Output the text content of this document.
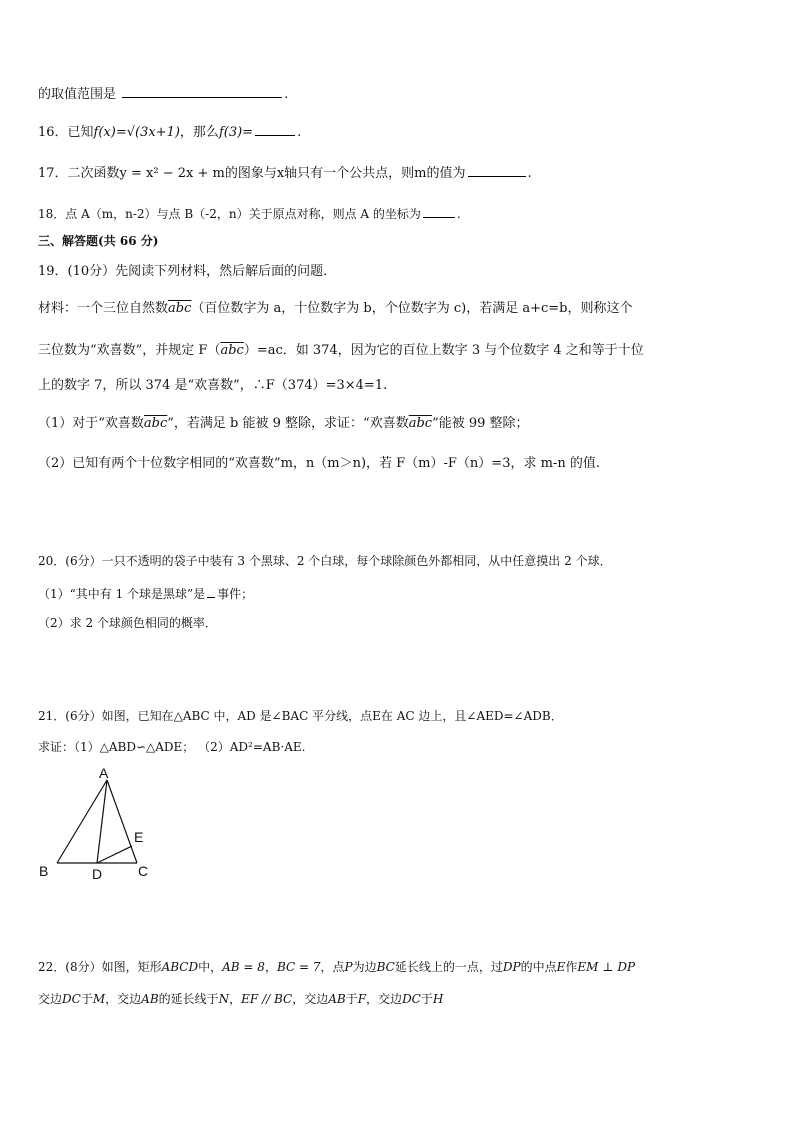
的取值范围是	.
16．已知f(x)=√(3x+1)，那么f(3)=	.
17．二次函数y = x² − 2x + m的图象与x轴只有一个公共点，则m的值为	.
18．点 A（m，n-2）与点 B（-2，n）关于原点对称，则点 A 的坐标为	.
三、解答题(共 66 分)
19．(10分）先阅读下列材料，然后解后面的问题．
材料：一个三位自然数$\overline{abc}$（百位数字为 a，十位数字为 b，个位数字为 c)，若满足 a+c=b，则称这个
三位数为“欢喜数”，并规定 $F(\overline{abc})=ac$．如 374，因为它的百位上数字 3 与个位数字 4 之和等于十位
上的数字 7，所以 374 是“欢喜数”，∴F（374）=3×4=1.
（1）对于“欢喜数$\overline{abc}$”，若满足 b 能被 9 整除，求证：“欢喜数$\overline{abc}$”能被 99 整除；
（2）已知有两个十位数字相同的“欢喜数”m，n（m＞n)，若 F（m）-F（n）=3，求 m-n 的值.
20．(6分）一只不透明的袋子中装有 3 个黑球、2 个白球，每个球除颜色外都相同，从中任意摸出 2 个球．
（1）“其中有 1 个球是黑球”是 事件；
（2）求 2 个球颜色相同的概率．
21．(6分）如图，已知在△ABC 中，AD 是∠BAC 平分线，点E在 AC 边上，且∠AED=∠ADB．
求证：（1）△ABD∽△ADE； （2）AD²=AB·AE.
A
B	D	C
E
22．(8分）如图，矩形ABCD中，AB = 8，BC = 7，点P为边BC延长线上的一点，过DP的中点E作EM ⊥ DP
交边DC于M，交边AB的延长线于N，EF // BC，交边AB于F，交边DC于H
